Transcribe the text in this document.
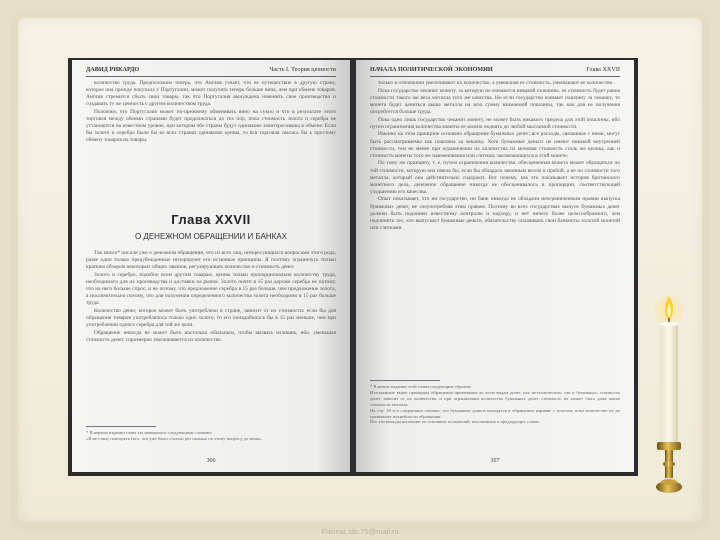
ДАВИД РИКАРДО	Часть I. Теория ценности

количество труда. Предположим теперь, что Англия узнает, что ее путешествие в другую страну, которое она прежде покупала у Португалии, может получать теперь больше вина, чем при обмене товаров. Англия стремится сбыть свои товары, так что Португалия вынуждена изменить свое производство и создавать ту же ценность с другим количеством труда.

Положим, что Португалия может по-прежнему обменивать вино на сукно и что в результате этого торговля между обеими странами будет продолжаться до тех пор, пока стоимость золота и серебра не установится на известном уровне, при котором обе страны будут одинаково заинтересованы в обмене. Если бы золото и серебро были бы во всех странах одинаково ценны, то вся торговля свелась бы к простому обмену товаров на товары.

Глава XXVII
О ДЕНЕЖНОМ ОБРАЩЕНИИ И БАНКАХ

Так много* писали уже о денежном обращении, что из всех лиц, интересующихся вопросами этого рода, разве одни только предубежденные игнорируют его истинные принципы. Я поэтому ограничусь только кратким обзором некоторых общих законов, регулирующих количество и стоимость денег.

Золото и серебро, подобно всем другим товарам, ценны только пропорционально количеству труда, необходимого для их производства и доставки на рынок. Золото почти в 15 раз дороже серебра не потому, что на него больше спрос, и не потому, что предложение серебра в 15 раз больше, чем предложение золота, а исключительно потому, что для получения определенного количества золота необходимо в 15 раз больше труда.

Количество денег, которое может быть употреблено в стране, зависит от их стоимости: если бы для обращения товаров употреблялось только одно золото, то его понадобилось бы в 15 раз меньше, чем при употреблении одного серебра для той же цели.

Обращение никогда не может быть настолько обильным, чтобы вызвать излишек, ибо, уменьшая стоимость денег, соразмерно увеличивается их количество.

* В первом издании глава эта начиналась следующими словами:
«Я не стану повторять того, что уже было столько раз сказано по этому вопросу до меня».
306
НАЧАЛА ПОЛИТИЧЕСКОЙ ЭКОНОМИИ	Глава XXVII

только в отношении увеличивают их количество, а уменьшая ее стоимость, уменьшают ее количество.

Пока государство чеканит монету, за которую не взимается никакой пошлины, ее стоимость будет равна стоимости такого же веса металла того же качества. Но если государство взимает пошлину за чеканку, то монета будет цениться выше металла на всю сумму взимаемой пошлины, так как для ее получения потребуется больше труда.

Пока одно лишь государство чеканит монету, не может быть никакого предела для этой пошлины, ибо путем ограничения количества монеты ее можно поднять до любой мыслимой стоимости.

Именно на этом принципе основано обращение бумажных денег; все расходы, связанные с ними, могут быть рассматриваемы как пошлина за чеканку. Хотя бумажные деньги не имеют никакой внутренней стоимости, тем не менее при ограничении их количества их меновая стоимость столь же велика, как и стоимость монеты того же наименования или слитков, заключающихся в этой монете.

По тому же принципу, т. е. путем ограничения количества, обесцененная монета может обращаться по той стоимости, которую она имела бы, если бы обладала законным весом и пробой, а не по стоимости того металла, который она действительно содержит. Вот почему, как это показывает история британского монетного дела, денежное обращение никогда не обесценивалось в пропорции, соответствующей ухудшению его качества.

Опыт показывает, что ни государство, ни банк никогда не обладали неограниченным правом выпуска бумажных денег, не злоупотребляя этим правом. Поэтому во всех государствах выпуск бумажных денег должен быть подчинен известному контролю и надзору, и нет ничего более целесообразного, чем подчинить тех, кто выпускает бумажные деньги, обязательству оплачивать свои банкноты золотой монетой или слитками.

* В новом издании этой главы следующим образом:
Изложенные выше принципы обращения применимы ко всем видам денег, как металлических, так и бумажных; стоимость денег зависит от их количества, и при ограничении количества бумажных денег стоимость их может быть даже выше стоимости металла.
На стр. 18 и в следующих сказано, что бумажные деньги находятся в обращении наравне с золотом, пока количество их не превышает потребности обращения.
Все эти выводы вытекают из основных положений, изложенных в предыдущих главах.
307
FokinaLida.75@mail.ru
